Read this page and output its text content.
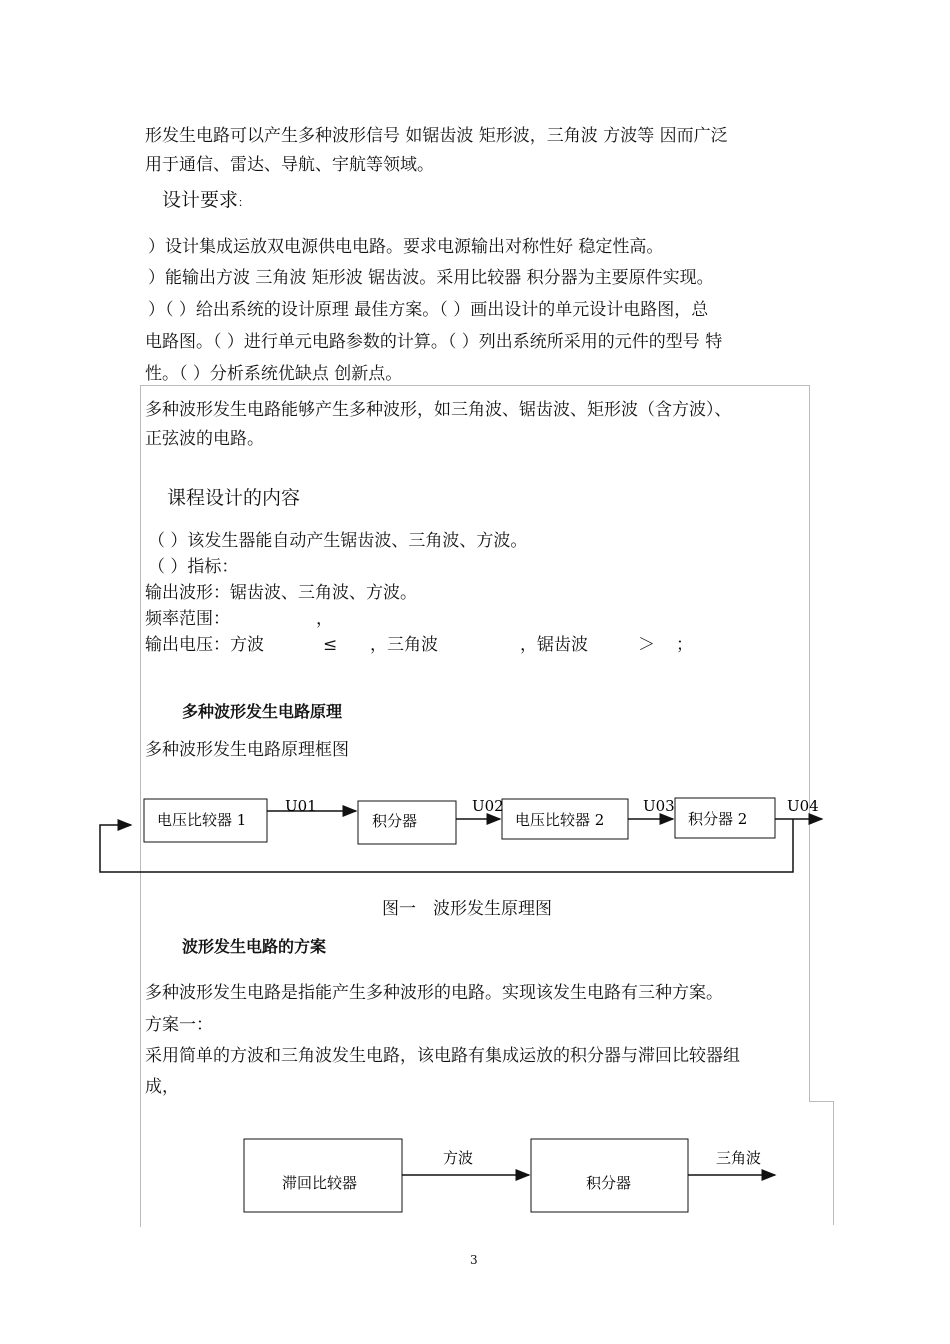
形发生电路可以产生多种波形信号 如锯齿波 矩形波，三角波 方波等 因而广泛
用于通信、雷达、导航、宇航等领域。
设计要求：
）设计集成运放双电源供电电路。要求电源输出对称性好 稳定性高。
）能输出方波 三角波 矩形波 锯齿波。采用比较器 积分器为主要原件实现。
）（ ）给出系统的设计原理 最佳方案。（ ）画出设计的单元设计电路图，总
电路图。（ ）进行单元电路参数的计算。（ ）列出系统所采用的元件的型号 特
性。（ ）分析系统优缺点 创新点。
多种波形发生电路能够产生多种波形，如三角波、锯齿波、矩形波（含方波）、
正弦波的电路。
课程设计的内容
（ ）该发生器能自动产生锯齿波、三角波、方波。
（ ）指标：
输出波形：锯齿波、三角波、方波。
频率范围：	，
输出电压：方波	≤ ，三角波	，锯齿波	＞ ；
多种波形发生电路原理
多种波形发生电路原理框图
电压比较器 1	积分器	电压比较器 2	积分器 2
U01	U02	U03	U04
滞回比较器	积分器
方波	三角波
图一　波形发生原理图
波形发生电路的方案
多种波形发生电路是指能产生多种波形的电路。实现该发生电路有三种方案。
方案一：
采用简单的方波和三角波发生电路，该电路有集成运放的积分器与滞回比较器组
成，
3
